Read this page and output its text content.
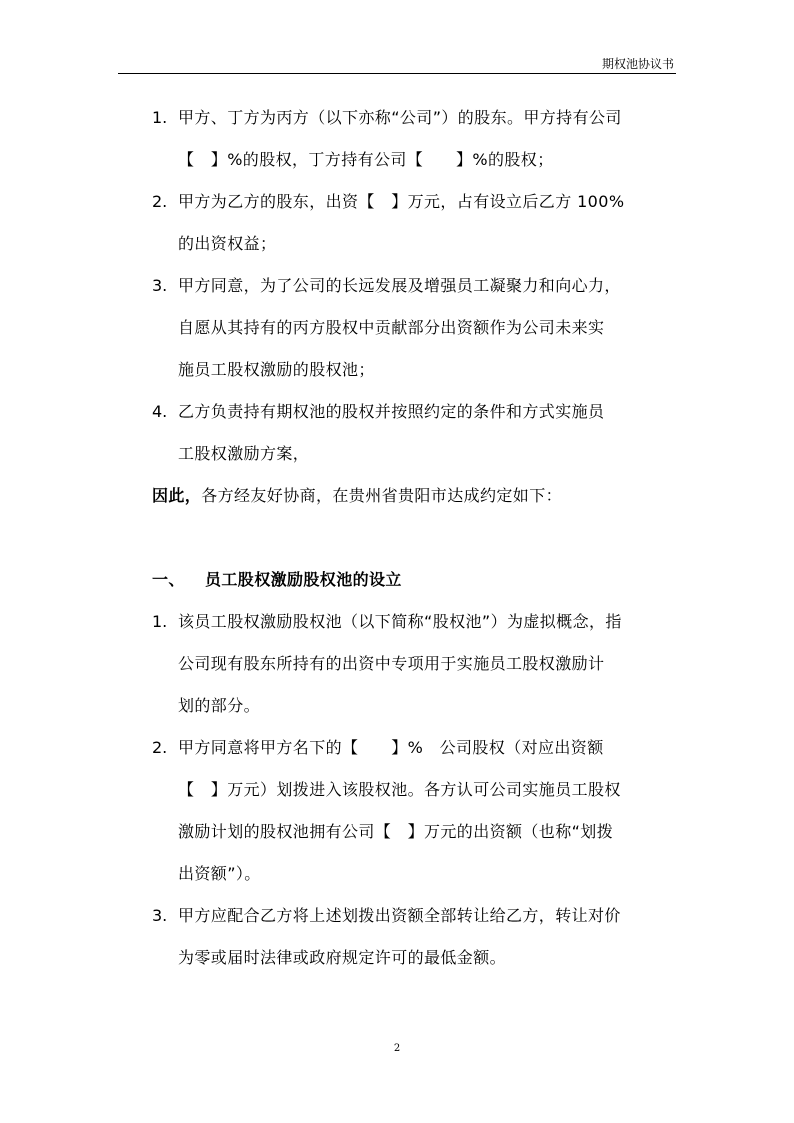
期权池协议书
1. 甲方、丁方为丙方（以下亦称“公司”）的股东。甲方持有公司
【　】%的股权，丁方持有公司【　　】%的股权；
2. 甲方为乙方的股东，出资【　】万元，占有设立后乙方 100%
的出资权益；
3. 甲方同意，为了公司的长远发展及增强员工凝聚力和向心力，
自愿从其持有的丙方股权中贡献部分出资额作为公司未来实
施员工股权激励的股权池；
4. 乙方负责持有期权池的股权并按照约定的条件和方式实施员
工股权激励方案，
因此，各方经友好协商，在贵州省贵阳市达成约定如下：
一、 员工股权激励股权池的设立
1. 该员工股权激励股权池（以下简称“股权池”）为虚拟概念，指
公司现有股东所持有的出资中专项用于实施员工股权激励计
划的部分。
2. 甲方同意将甲方名下的【　　】%　公司股权（对应出资额
【　】万元）划拨进入该股权池。各方认可公司实施员工股权
激励计划的股权池拥有公司【　】万元的出资额（也称“划拨
出资额”）。
3. 甲方应配合乙方将上述划拨出资额全部转让给乙方，转让对价
为零或届时法律或政府规定许可的最低金额。
2
